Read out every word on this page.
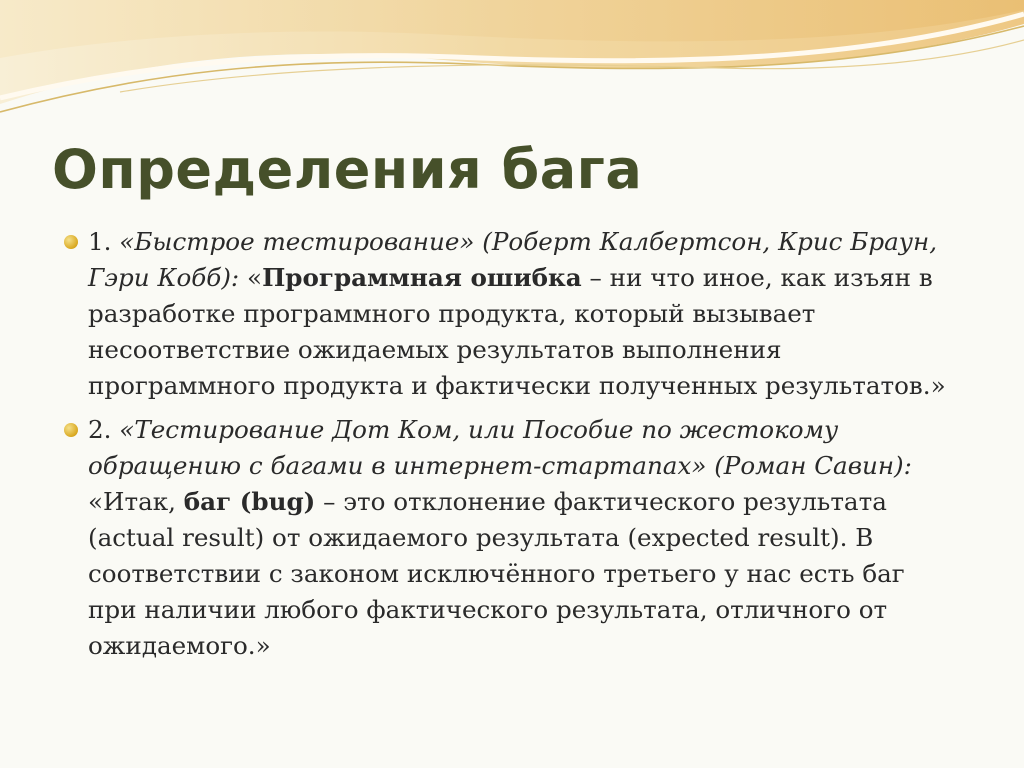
Определения бага
1. «Быстрое тестирование» (Роберт Калбертсон, Крис Браун, Гэри Кобб): «Программная ошибка – ни что иное, как изъян в разработке программного продукта, который вызывает несоответствие ожидаемых результатов выполнения программного продукта и фактически полученных результатов.»
2. «Тестирование Дот Ком, или Пособие по жестокому обращению с багами в интернет-стартапах» (Роман Савин): «Итак, баг (bug) – это отклонение фактического результата (actual result) от ожидаемого результата (expected result). В соответствии с законом исключённого третьего у нас есть баг при наличии любого фактического результата, отличного от ожидаемого.»
